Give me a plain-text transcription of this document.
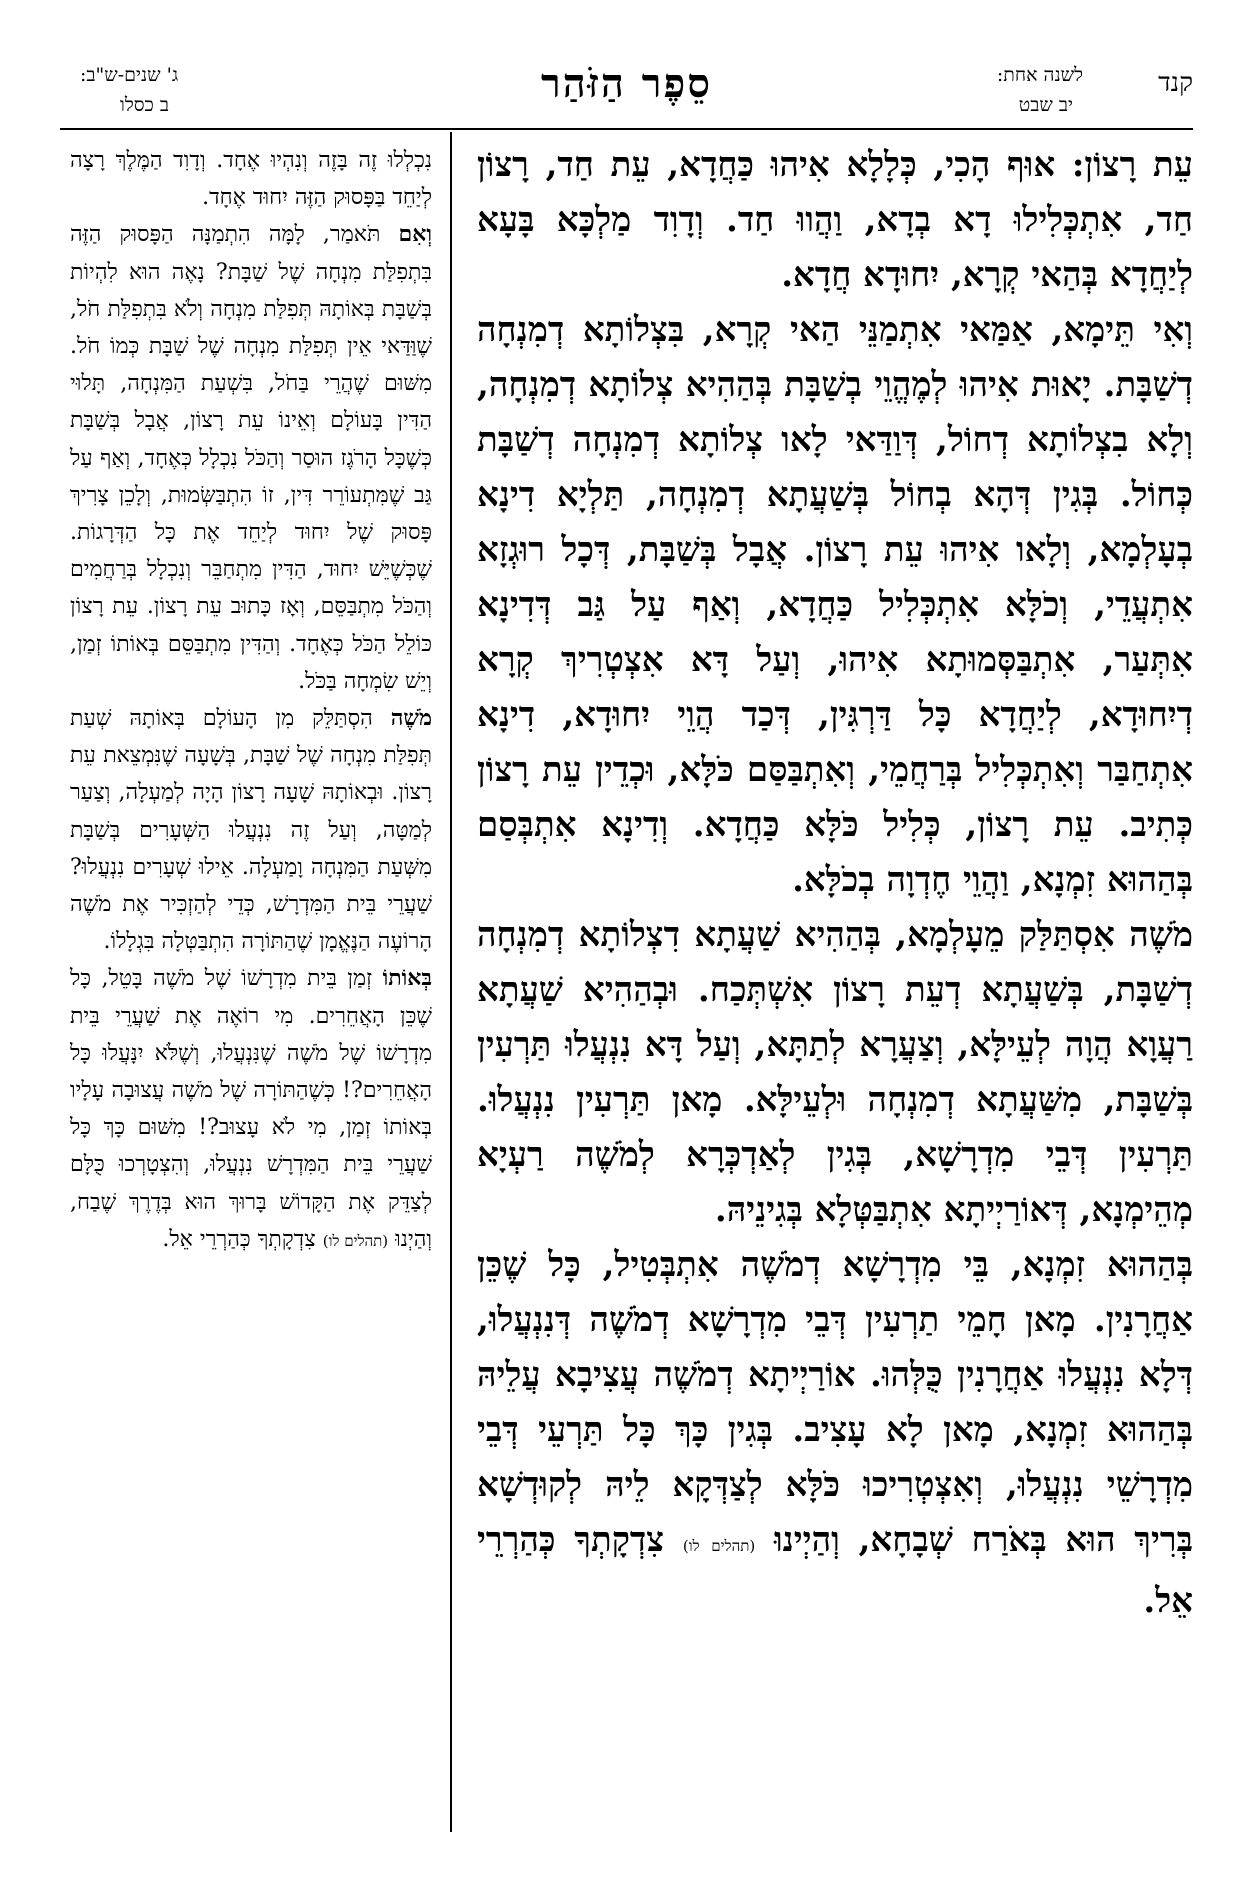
קנד
לשנה אחת:
יב שבט
סֵפֶר הַזֹּהַר
ג' שנים-ש"ב:
ב כסלו

עֵת רָצוֹן: אוּף הָכִי, כְּלָלָא אִיהוּ כַּחֲדָא, עֵת חַד, רָצוֹן חַד, אִתְכְּלִילוּ דָא בְדָא, וַהֲווּ חַד. וְדָוִד מַלְכָּא בָּעָא לְיַחֲדָא בְּהַאי קְרָא, יִחוּדָא חֲדָא.

וְאִי תֵּימָא, אַמַּאי אִתְמַנֵּי הַאי קְרָא, בִּצְלוֹתָא דְמִנְחָה דְשַׁבָּת. יָאוּת אִיהוּ לְמֶהֱוֵי בְשַׁבָּת בְּהַהִיא צְלוֹתָא דְמִנְחָה, וְלָא בִצְלוֹתָא דְחוֹל, דְּוַדַּאי לָאו צְלוֹתָא דְמִנְחָה דְשַׁבָּת כְּחוֹל. בְּגִין דְּהָא בְחוֹל בְּשַׁעֲתָא דְמִנְחָה, תַּלְיָא דִינָא בְעָלְמָא, וְלָאו אִיהוּ עֵת רָצוֹן. אֲבָל בְּשַׁבָּת, דְּכָל רוּגְזָא אִתְעֲדֵי, וְכֹלָּא אִתְכְּלִיל כַּחֲדָא, וְאַף עַל גַּב דְּדִינָא אִתְּעַר, אִתְבַּסְּמוּתָא אִיהוּ, וְעַל דָּא אִצְטְרִיךְ קְרָא דְיִחוּדָא, לְיַחֲדָא כָּל דַּרְגִּין, דְּכַד הֲוֵי יִחוּדָא, דִינָא אִתְחַבַּר וְאִתְכְּלִיל בְּרַחֲמֵי, וְאִתְבַּסַּם כֹּלָּא, וּכְדֵין עֵת רָצוֹן כְּתִיב. עֵת רָצוֹן, כְּלִיל כֹּלָּא כַּחֲדָא. וְדִינָא אִתְבְּסַם בְּהַהוּא זִמְנָא, וַהֲוֵי חֶדְוָה בְכֹלָּא.

מֹשֶׁה אִסְתַּלַּק מֵעָלְמָא, בְּהַהִיא שַׁעֲתָא דִצְלוֹתָא דְמִנְחָה דְשַׁבָּת, בְּשַׁעֲתָא דְעֵת רָצוֹן אִשְׁתְּכַח. וּבְהַהִיא שַׁעֲתָא רַעֲוָא הֲוָה לְעֵילָּא, וְצַעֲרָא לְתַתָּא, וְעַל דָּא נִנְעֲלוּ תַּרְעִין בְּשַׁבָּת, מִשַּׁעֲתָא דְמִנְחָה וּלְעֵילָּא. מָאן תַּרְעִין נִנְעֲלוּ. תַּרְעִין דְּבֵי מִדְרָשָׁא, בְּגִין לְאַדְכְּרָא לְמֹשֶׁה רַעְיָא מְהֵימְנָא, דְּאוֹרַיְיתָא אִתְבַּטְּלָא בְּגִינֵיהּ.

בְּהַהוּא זִמְנָא, בֵּי מִדְרָשָׁא דְמֹשֶׁה אִתְבְּטִיל, כָּל שֶׁכֵּן אַחֲרָנִין. מָאן חָמֵי תַרְעִין דְּבֵי מִדְרָשָׁא דְמֹשֶׁה דְּנִנְעֲלוּ, דְּלָא נִנְעֲלוּ אַחֲרָנִין כֻּלְּהוּ. אוֹרַיְיתָא דְמֹשֶׁה עֲצִיבָא עֲלֵיהּ בְּהַהוּא זִמְנָא, מָאן לָא עָצִיב. בְּגִין כָּךְ כָּל תַּרְעֵי דְּבֵי מִדְרָשֵׁי נִנְעֲלוּ, וְאִצְטְרִיכוּ כֹּלָּא לְצַדְּקָא לֵיהּ לְקוּדְשָׁא בְּרִיךְ הוּא בְּאֹרַח שְׁבָחָא, וְהַיְינוּ (תהלים לו) צִדְקָתְךָ כְּהַרְרֵי אֵל.

נִכְלְלוּ זֶה בָּזֶה וְנִהְיוּ אֶחָד. וְדָוִד הַמֶּלֶךְ רָצָה לְיַחֵד בַּפָּסוּק הַזֶּה יִחוּד אֶחָד.

וְאִם תֹּאמַר, לָמָּה הִתְמַנָּה הַפָּסוּק הַזֶּה בִּתְפִלַּת מִנְחָה שֶׁל שַׁבָּת? נָאֶה הוּא לִהְיוֹת בְּשַׁבָּת בְּאוֹתָהּ תְּפִלַּת מִנְחָה וְלֹא בִּתְפִלַּת חֹל, שֶׁוַּדַּאי אֵין תְּפִלַּת מִנְחָה שֶׁל שַׁבָּת כְּמוֹ חֹל. מִשּׁוּם שֶׁהֲרֵי בַּחֹל, בִּשְׁעַת הַמִּנְחָה, תָּלוּי הַדִּין בָּעוֹלָם וְאֵינוֹ עֵת רָצוֹן, אֲבָל בְּשַׁבָּת כְּשֶׁכָּל הָרֹגֶז הוּסַר וְהַכֹּל נִכְלָל כְּאֶחָד, וְאַף עַל גַּב שֶׁמִּתְעוֹרֵר דִּין, זוֹ הִתְבַּשְּׂמוּת, וְלָכֵן צָרִיךְ פָּסוּק שֶׁל יִחוּד לְיַחֵד אֶת כָּל הַדְּרָגוֹת. שֶׁכְּשֶׁיֵּשׁ יִחוּד, הַדִּין מִתְחַבֵּר וְנִכְלָל בְּרַחֲמִים וְהַכֹּל מִתְבַּסֵּם, וְאָז כָּתוּב עֵת רָצוֹן. עֵת רָצוֹן כּוֹלֵל הַכֹּל כְּאֶחָד. וְהַדִּין מִתְבַּסֵּם בְּאוֹתוֹ זְמַן, וְיֵשׁ שִׂמְחָה בַּכֹּל.

מֹשֶׁה הִסְתַּלֵּק מִן הָעוֹלָם בְּאוֹתָהּ שְׁעַת תְּפִלַּת מִנְחָה שֶׁל שַׁבָּת, בְּשָׁעָה שֶׁנִּמְצֵאת עֵת רָצוֹן. וּבְאוֹתָהּ שָׁעָה רָצוֹן הָיָה לְמַעְלָה, וְצַעַר לְמַטָּה, וְעַל זֶה נִנְעֲלוּ הַשְּׁעָרִים בְּשַׁבָּת מִשְּׁעַת הַמִּנְחָה וָמַעְלָה. אֵילוּ שְׁעָרִים נִנְעֲלוּ? שַׁעֲרֵי בֵּית הַמִּדְרָשׁ, כְּדֵי לְהַזְכִּיר אֶת מֹשֶׁה הָרוֹעֶה הַנֶּאֱמָן שֶׁהַתּוֹרָה הִתְבַּטְּלָה בִּגְלָלוֹ.

בְּאוֹתוֹ זְמַן בֵּית מִדְרָשׁוֹ שֶׁל מֹשֶׁה בָּטֵל, כָּל שֶׁכֵּן הָאֲחֵרִים. מִי רוֹאֶה אֶת שַׁעֲרֵי בֵּית מִדְרָשׁוֹ שֶׁל מֹשֶׁה שֶׁנִּנְעֲלוּ, וְשֶׁלֹּא יִנָּעֲלוּ כָּל הָאֲחֵרִים?! כְּשֶׁהַתּוֹרָה שֶׁל מֹשֶׁה עֲצוּבָה עָלָיו בְּאוֹתוֹ זְמַן, מִי לֹא עָצוּב?! מִשּׁוּם כָּךְ כָּל שַׁעֲרֵי בֵּית הַמִּדְרָשׁ נִנְעֲלוּ, וְהִצְטָרְכוּ כֻּלָּם לְצַדֵּק אֶת הַקָּדוֹשׁ בָּרוּךְ הוּא בְּדֶרֶךְ שֶׁבַח, וְהַיְנוּ (תהלים לו) צִדְקָתְךָ כְּהַרְרֵי אֵל.
